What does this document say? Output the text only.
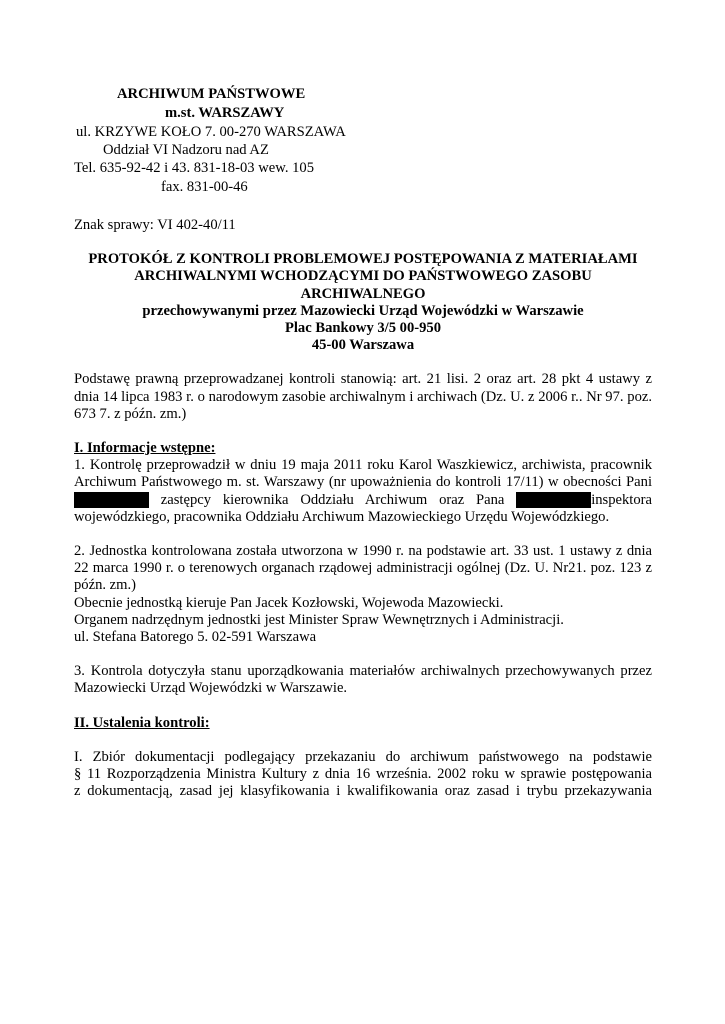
ARCHIWUM PAŃSTWOWE
m.st. WARSZAWY
ul. KRZYWE KOŁO 7. 00-270 WARSZAWA
Oddział VI Nadzoru nad AZ
Tel. 635-92-42 i 43. 831-18-03 wew. 105
fax. 831-00-46

Znak sprawy: VI 402-40/11

PROTOKÓŁ Z KONTROLI PROBLEMOWEJ POSTĘPOWANIA Z MATERIAŁAMI
ARCHIWALNYMI WCHODZĄCYMI DO PAŃSTWOWEGO ZASOBU
ARCHIWALNEGO
przechowywanymi przez Mazowiecki Urząd Wojewódzki w Warszawie
Plac Bankowy 3/5 00-950
45-00 Warszawa

Podstawę prawną przeprowadzanej kontroli stanowią: art. 21 lisi. 2 oraz art. 28 pkt 4 ustawy z dnia 14 lipca 1983 r. o narodowym zasobie archiwalnym i archiwach (Dz. U. z 2006 r.. Nr 97. poz. 673 7. z późn. zm.)

I. Informacje wstępne:

1. Kontrolę przeprowadził w dniu 19 maja 2011 roku Karol Waszkiewicz, archiwista, pracownik Archiwum Państwowego m. st. Warszawy (nr upoważnienia do kontroli 17/11) w obecności Pani …………… zastępcy kierownika Oddziału Archiwum oraz Pana ……………inspektora wojewódzkiego, pracownika Oddziału Archiwum Mazowieckiego Urzędu Wojewódzkiego.

2. Jednostka kontrolowana została utworzona w 1990 r. na podstawie art. 33 ust. 1 ustawy z dnia 22 marca 1990 r. o terenowych organach rządowej administracji ogólnej (Dz. U. Nr21. poz. 123 z późn. zm.)

Obecnie jednostką kieruje Pan Jacek Kozłowski, Wojewoda Mazowiecki.

Organem nadrzędnym jednostki jest Minister Spraw Wewnętrznych i Administracji.

ul. Stefana Batorego 5. 02-591 Warszawa

3. Kontrola dotyczyła stanu uporządkowania materiałów archiwalnych przechowywanych przez Mazowiecki Urząd Wojewódzki w Warszawie.

II. Ustalenia kontroli:

I. Zbiór dokumentacji podlegający przekazaniu do archiwum państwowego na podstawie

§ 11 Rozporządzenia Ministra Kultury z dnia 16 września. 2002 roku w sprawie postępowania

z dokumentacją, zasad jej klasyfikowania i kwalifikowania oraz zasad i trybu przekazywania
